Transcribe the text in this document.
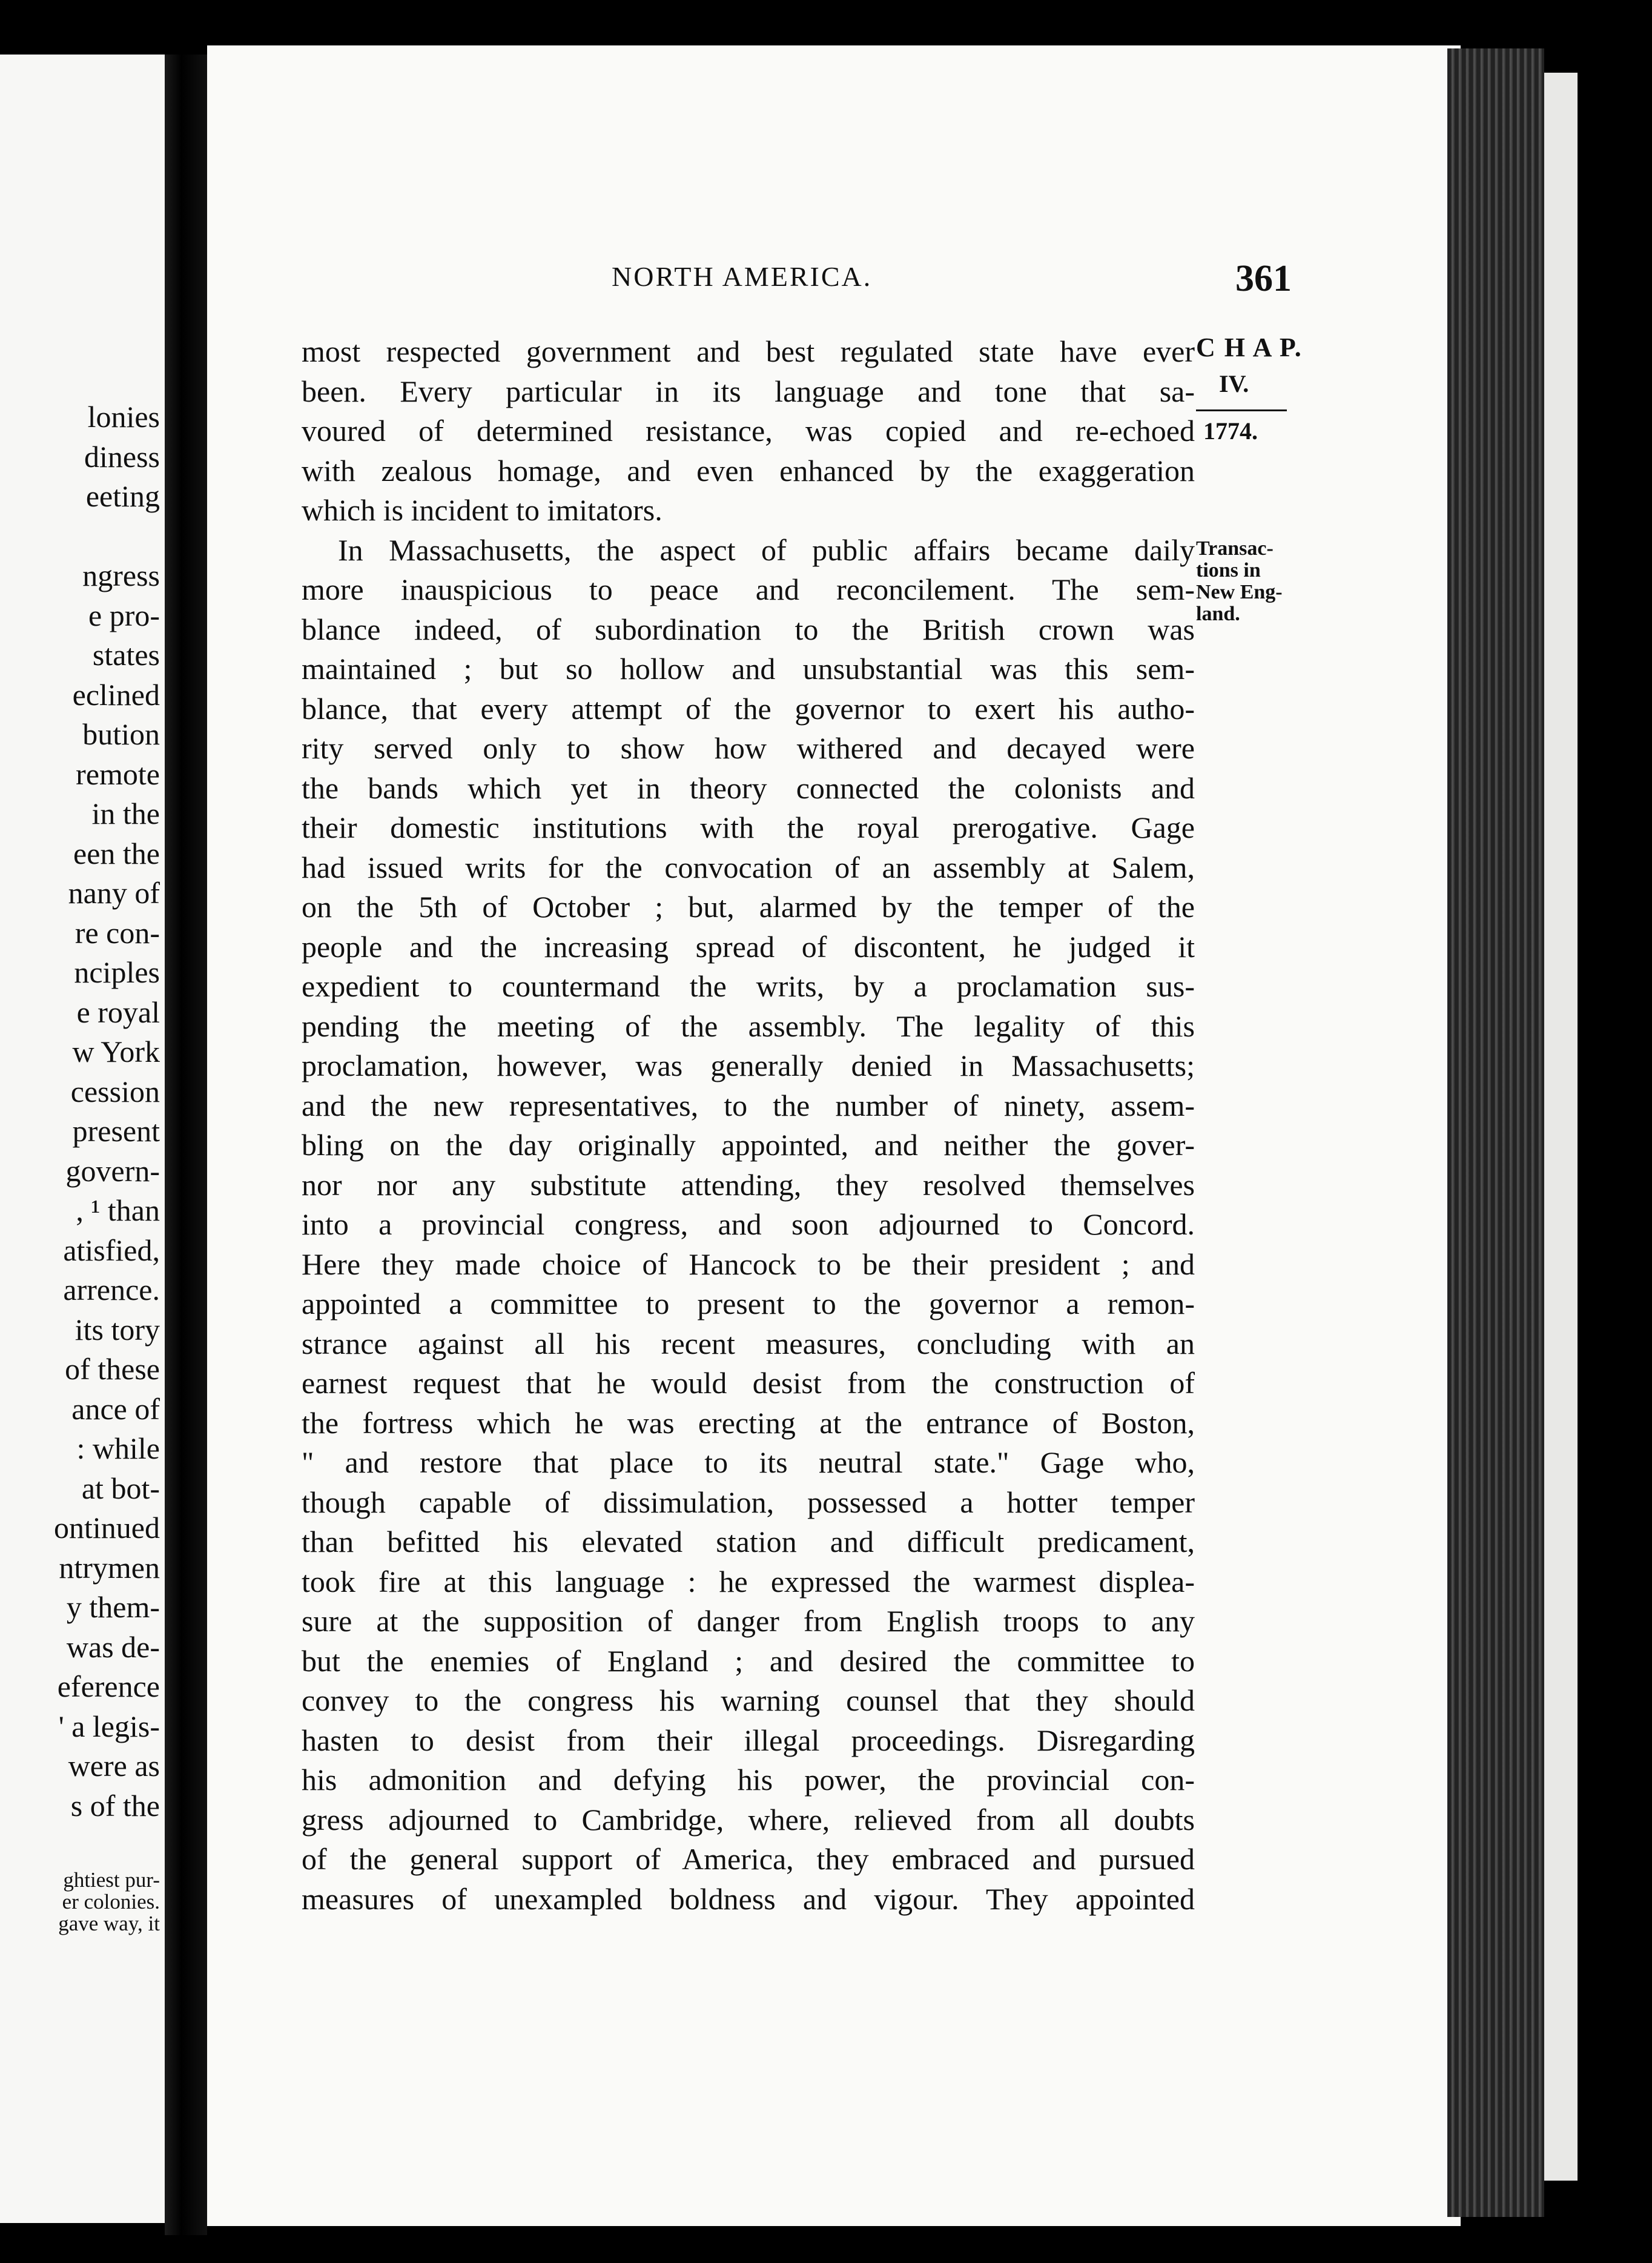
lonies
diness
eeting
ngress
e pro-
states
eclined
bution
remote
in the
een the
nany of
re con-
nciples
e royal
w York
cession
present
govern-
, ¹ than
atisfied,
arrence.
its tory
of these
ance of
: while
at bot-
ontinued
ntrymen
y them-
was de-
eference
' a legis-
were as
s of the
ghtiest pur-
er colonies.
gave way, it
NORTH AMERICA.	361
most respected government and best regulated state have ever
been. Every particular in its language and tone that sa-
voured of determined resistance, was copied and re-echoed
with zealous homage, and even enhanced by the exaggeration
which is incident to imitators.
In Massachusetts, the aspect of public affairs became daily
more inauspicious to peace and reconcilement. The sem-
blance indeed, of subordination to the British crown was
maintained ; but so hollow and unsubstantial was this sem-
blance, that every attempt of the governor to exert his autho-
rity served only to show how withered and decayed were
the bands which yet in theory connected the colonists and
their domestic institutions with the royal prerogative. Gage
had issued writs for the convocation of an assembly at Salem,
on the 5th of October ; but, alarmed by the temper of the
people and the increasing spread of discontent, he judged it
expedient to countermand the writs, by a proclamation sus-
pending the meeting of the assembly. The legality of this
proclamation, however, was generally denied in Massachusetts;
and the new representatives, to the number of ninety, assem-
bling on the day originally appointed, and neither the gover-
nor nor any substitute attending, they resolved themselves
into a provincial congress, and soon adjourned to Concord.
Here they made choice of Hancock to be their president ; and
appointed a committee to present to the governor a remon-
strance against all his recent measures, concluding with an
earnest request that he would desist from the construction of
the fortress which he was erecting at the entrance of Boston,
" and restore that place to its neutral state." Gage who,
though capable of dissimulation, possessed a hotter temper
than befitted his elevated station and difficult predicament,
took fire at this language : he expressed the warmest displea-
sure at the supposition of danger from English troops to any
but the enemies of England ; and desired the committee to
convey to the congress his warning counsel that they should
hasten to desist from their illegal proceedings. Disregarding
his admonition and defying his power, the provincial con-
gress adjourned to Cambridge, where, relieved from all doubts
of the general support of America, they embraced and pursued
measures of unexampled boldness and vigour. They appointed
C H A P.
IV.
1774.
Transac-
tions in
New Eng-
land.
